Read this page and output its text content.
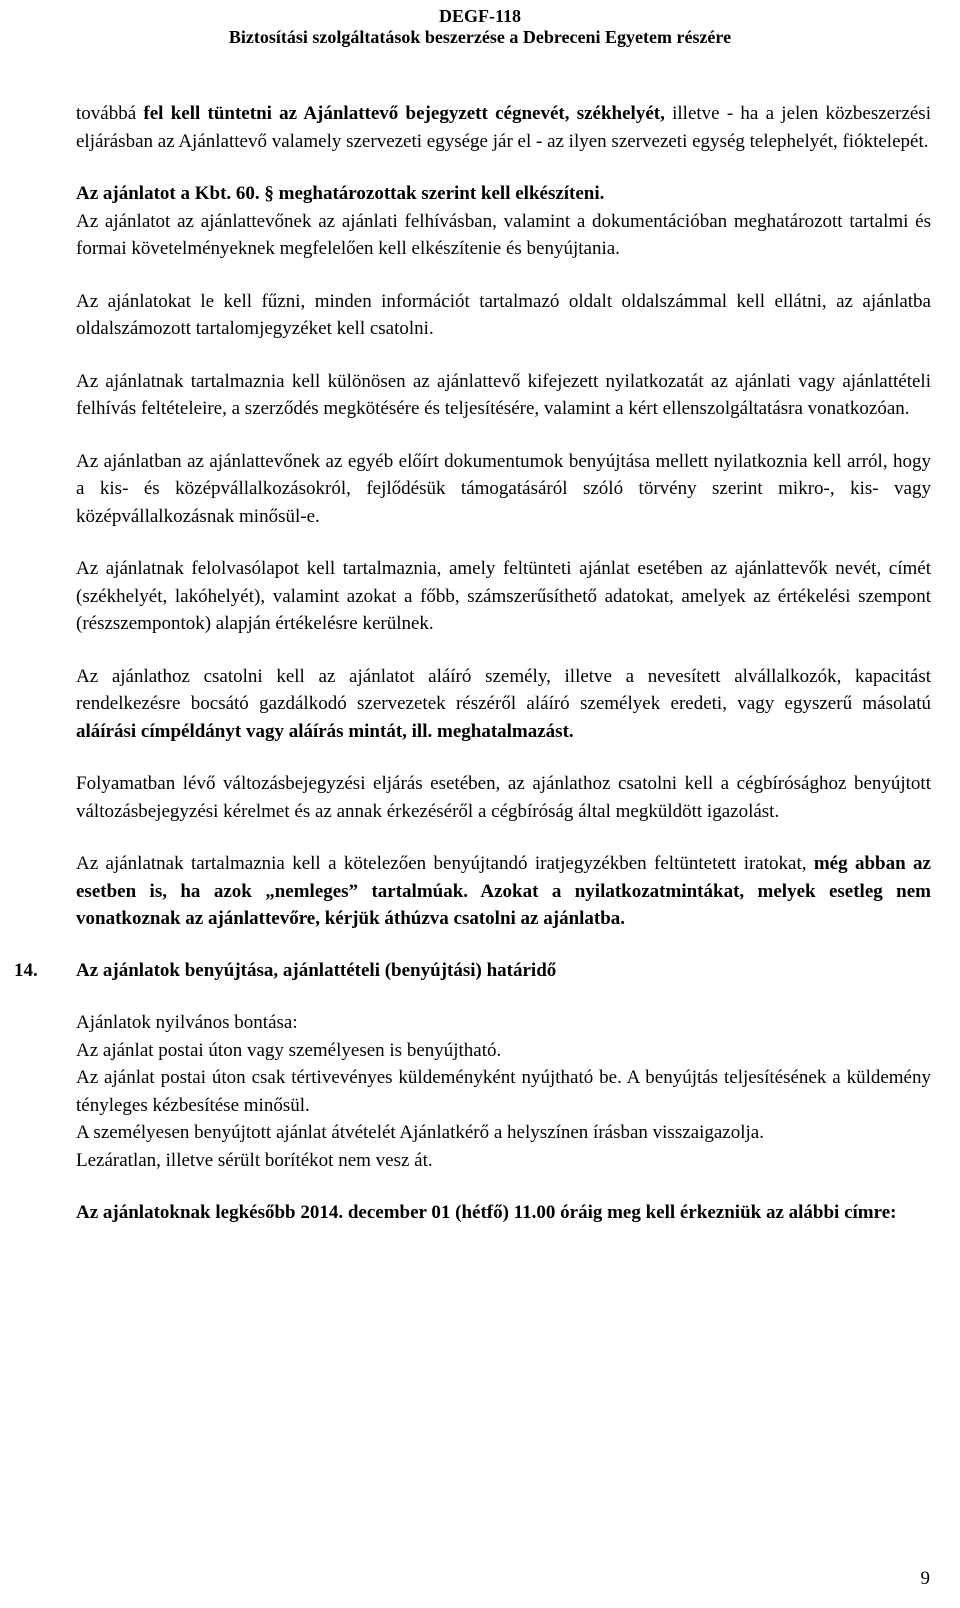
DEGF-118
Biztosítási szolgáltatások beszerzése a Debreceni Egyetem részére

továbbá fel kell tüntetni az Ajánlattevő bejegyzett cégnevét, székhelyét, illetve - ha a jelen közbeszerzési eljárásban az Ajánlattevő valamely szervezeti egysége jár el - az ilyen szervezeti egység telephelyét, fióktelepét.

Az ajánlatot a Kbt. 60. § meghatározottak szerint kell elkészíteni.

Az ajánlatot az ajánlattevőnek az ajánlati felhívásban, valamint a dokumentációban meghatározott tartalmi és formai követelményeknek megfelelően kell elkészítenie és benyújtania.

Az ajánlatokat le kell fűzni, minden információt tartalmazó oldalt oldalszámmal kell ellátni, az ajánlatba oldalszámozott tartalomjegyzéket kell csatolni.

Az ajánlatnak tartalmaznia kell különösen az ajánlattevő kifejezett nyilatkozatát az ajánlati vagy ajánlattételi felhívás feltételeire, a szerződés megkötésére és teljesítésére, valamint a kért ellenszolgáltatásra vonatkozóan.

Az ajánlatban az ajánlattevőnek az egyéb előírt dokumentumok benyújtása mellett nyilatkoznia kell arról, hogy a kis- és középvállalkozásokról, fejlődésük támogatásáról szóló törvény szerint mikro-, kis- vagy középvállalkozásnak minősül-e.

Az ajánlatnak felolvasólapot kell tartalmaznia, amely feltünteti ajánlat esetében az ajánlattevők nevét, címét (székhelyét, lakóhelyét), valamint azokat a főbb, számszerűsíthető adatokat, amelyek az értékelési szempont (részszempontok) alapján értékelésre kerülnek.

Az ajánlathoz csatolni kell az ajánlatot aláíró személy, illetve a nevesített alvállalkozók, kapacitást rendelkezésre bocsátó gazdálkodó szervezetek részéről aláíró személyek eredeti, vagy egyszerű másolatú aláírási címpéldányt vagy aláírás mintát, ill. meghatalmazást.

Folyamatban lévő változásbejegyzési eljárás esetében, az ajánlathoz csatolni kell a cégbírósághoz benyújtott változásbejegyzési kérelmet és az annak érkezéséről a cégbíróság által megküldött igazolást.

Az ajánlatnak tartalmaznia kell a kötelezően benyújtandó iratjegyzékben feltüntetett iratokat, még abban az esetben is, ha azok „nemleges” tartalmúak. Azokat a nyilatkozatmintákat, melyek esetleg nem vonatkoznak az ajánlattevőre, kérjük áthúzva csatolni az ajánlatba.

14. Az ajánlatok benyújtása, ajánlattételi (benyújtási) határidő

Ajánlatok nyilvános bontása:

Az ajánlat postai úton vagy személyesen is benyújtható.

Az ajánlat postai úton csak tértivevényes küldeményként nyújtható be. A benyújtás teljesítésének a küldemény tényleges kézbesítése minősül.

A személyesen benyújtott ajánlat átvételét Ajánlatkérő a helyszínen írásban visszaigazolja.

Lezáratlan, illetve sérült borítékot nem vesz át.

Az ajánlatoknak legkésőbb 2014. december 01 (hétfő) 11.00 óráig meg kell érkezniük az alábbi címre:

9
